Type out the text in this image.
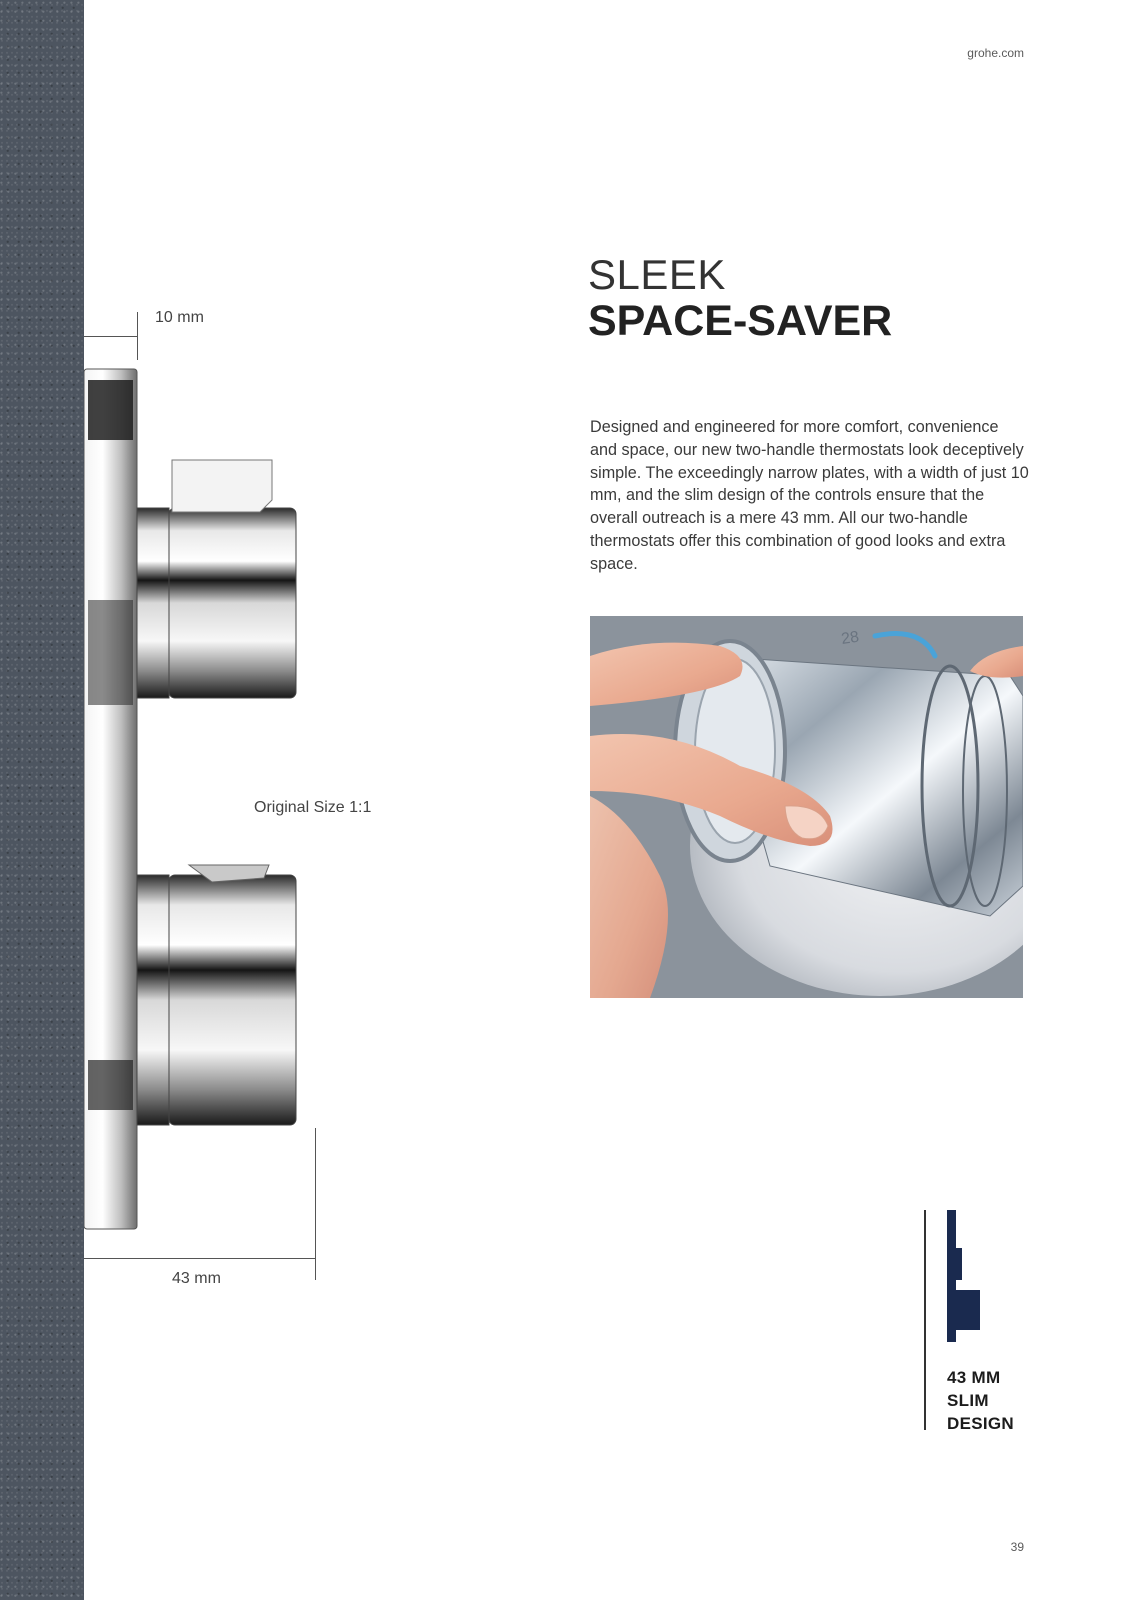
grohe.com
10 mm
Original Size 1:1
43 mm
SLEEK
SPACE-SAVER
Designed and engineered for more comfort, convenience and space, our new two-handle thermostats look deceptively simple. The exceedingly narrow plates, with a width of just 10 mm, and the slim design of the controls ensure that the overall outreach is a mere 43 mm. All our two-handle thermostats offer this combination of good looks and extra space.
28
43 MM
SLIM
DESIGN
39
